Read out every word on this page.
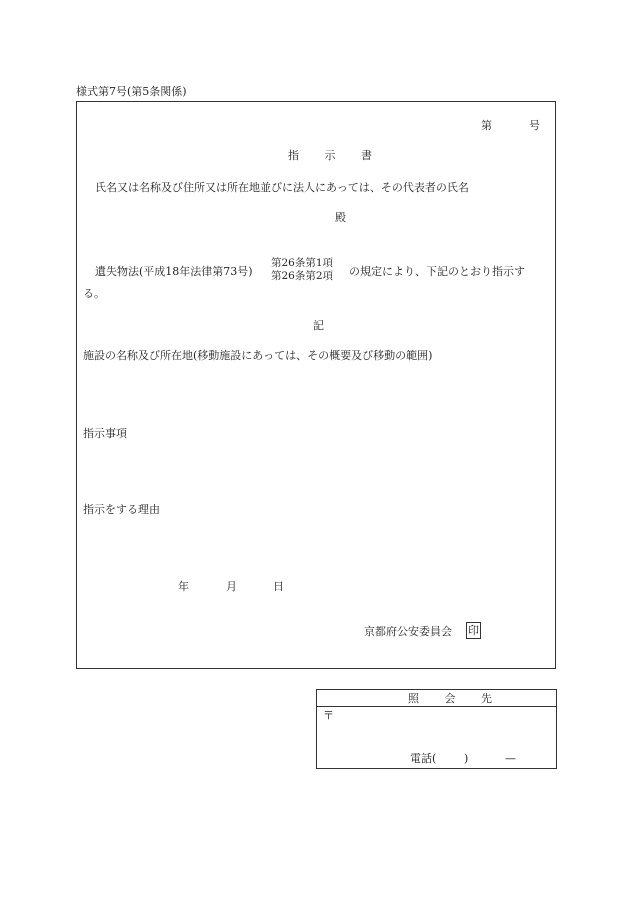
様式第7号(第5条関係)
第	号
指 示 書
氏名又は名称及び住所又は所在地並びに法人にあっては、その代表者の氏名
殿
遺失物法(平成18年法律第73号)
第26条第1項
第26条第2項 の規定により、下記のとおり指示す
る。
記
施設の名称及び所在地(移動施設にあっては、その概要及び移動の範囲)
指示事項
指示をする理由
年	月	日
京都府公安委員会 印
照 会 先
〒
電話(	)	—
